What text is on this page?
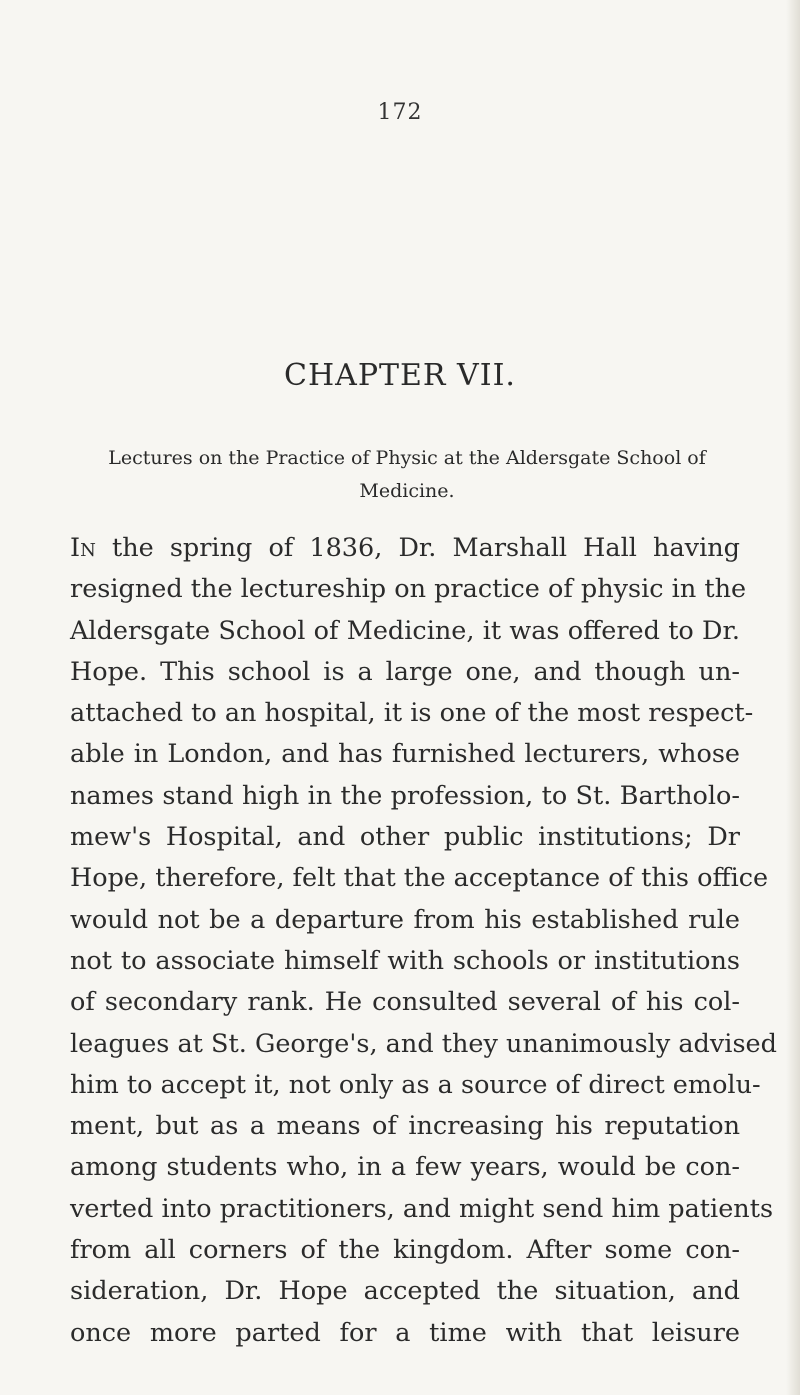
172
CHAPTER VII.
Lectures on the Practice of Physic at the Aldersgate School of Medicine.
In the spring of 1836, Dr. Marshall Hall having
resigned the lectureship on practice of physic in the
Aldersgate School of Medicine, it was offered to Dr.
Hope. This school is a large one, and though un-
attached to an hospital, it is one of the most respect-
able in London, and has furnished lecturers, whose
names stand high in the profession, to St. Bartholo-
mew's Hospital, and other public institutions; Dr
Hope, therefore, felt that the acceptance of this office
would not be a departure from his established rule
not to associate himself with schools or institutions
of secondary rank. He consulted several of his col-
leagues at St. George's, and they unanimously advised
him to accept it, not only as a source of direct emolu-
ment, but as a means of increasing his reputation
among students who, in a few years, would be con-
verted into practitioners, and might send him patients
from all corners of the kingdom. After some con-
sideration, Dr. Hope accepted the situation, and
once more parted for a time with that leisure
